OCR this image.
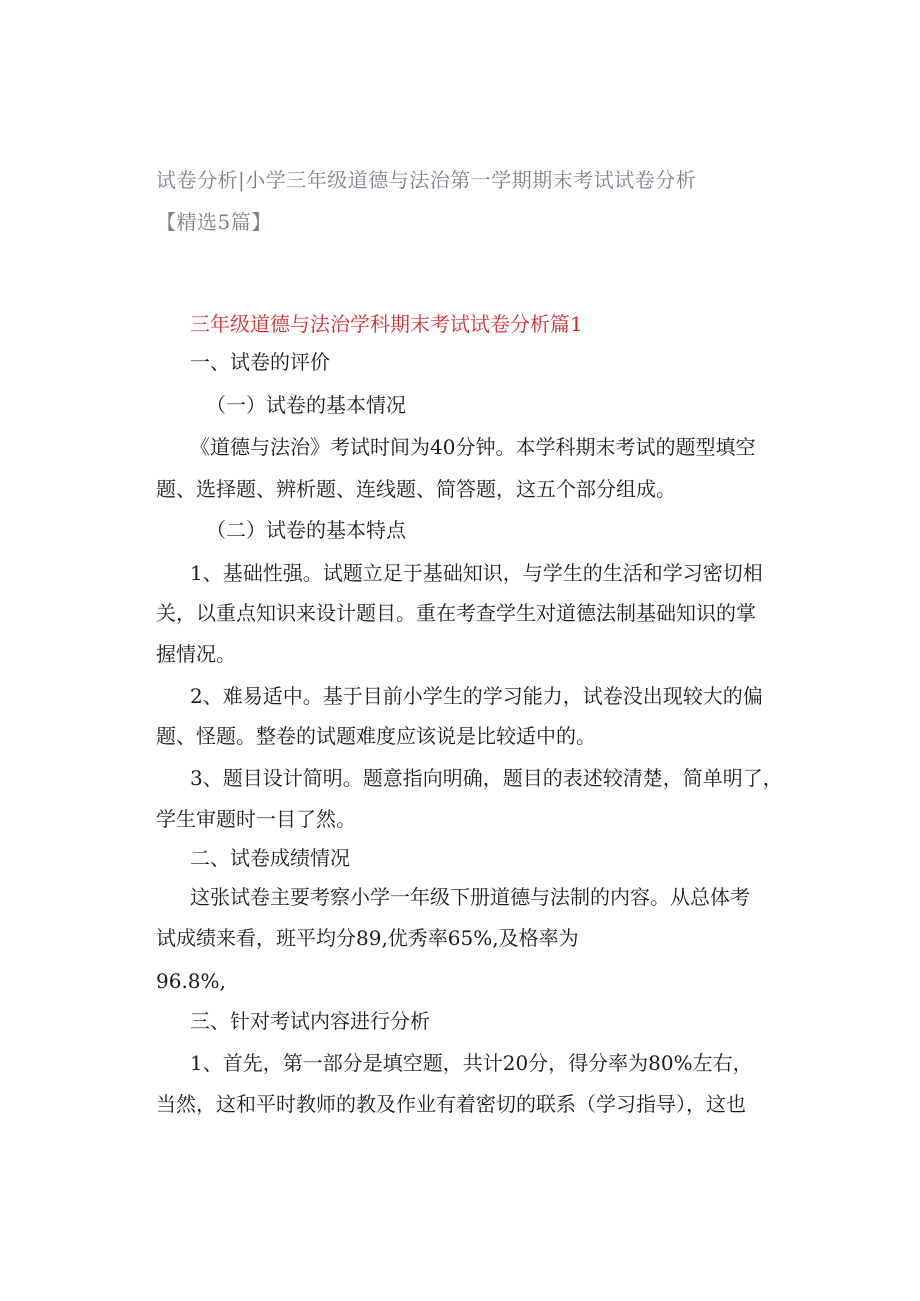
试卷分析|小学三年级道德与法治第一学期期末考试试卷分析
【精选5篇】
三年级道德与法治学科期末考试试卷分析篇1
一、试卷的评价
（一）试卷的基本情况
《道德与法治》考试时间为40分钟。本学科期末考试的题型填空
题、选择题、辨析题、连线题、简答题，这五个部分组成。
（二）试卷的基本特点
1、基础性强。试题立足于基础知识，与学生的生活和学习密切相
关，以重点知识来设计题目。重在考查学生对道德法制基础知识的掌
握情况。
2、难易适中。基于目前小学生的学习能力，试卷没出现较大的偏
题、怪题。整卷的试题难度应该说是比较适中的。
3、题目设计简明。题意指向明确，题目的表述较清楚，简单明了，
学生审题时一目了然。
二、试卷成绩情况
这张试卷主要考察小学一年级下册道德与法制的内容。从总体考
试成绩来看，班平均分89,优秀率65%,及格率为
96.8%,
三、针对考试内容进行分析
1、首先，第一部分是填空题，共计20分，得分率为80%左右，
当然，这和平时教师的教及作业有着密切的联系（学习指导），这也
